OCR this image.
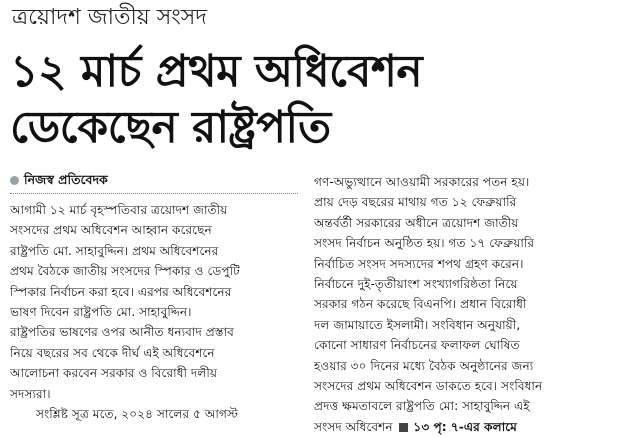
ত্রয়োদশ জাতীয় সংসদ
১২ মার্চ প্রথম অধিবেশন
ডেকেছেন রাষ্ট্রপতি
নিজস্ব প্রতিবেদক
আগামী ১২ মার্চ বৃহস্পতিবার ত্রয়োদশ জাতীয়
সংসদের প্রথম অধিবেশন আহ্বান করেছেন
রাষ্ট্রপতি মো. সাহাবুদ্দিন। প্রথম অধিবেশনের
প্রথম বৈঠকে জাতীয় সংসদের স্পিকার ও ডেপুটি
স্পিকার নির্বাচন করা হবে। এরপর অধিবেশনের
ভাষণ দিবেন রাষ্ট্রপতি মো. সাহাবুদ্দিন।
রাষ্ট্রপতির ভাষণের ওপর আনীত ধন্যবাদ প্রস্তাব
নিয়ে বছরের সব থেকে দীর্ঘ এই অধিবেশনে
আলোচনা করবেন সরকার ও বিরোধী দলীয়
সদস্যরা।
সংশ্লিষ্ট সূত্র মতে, ২০২৪ সালের ৫ আগস্ট
গণ-অভ্যুত্থানে আওয়ামী সরকারের পতন হয়।
প্রায় দেড় বছরের মাথায় গত ১২ ফেব্রুয়ারি
অন্তর্বর্তী সরকারের অধীনে ত্রয়োদশ জাতীয়
সংসদ নির্বাচন অনুষ্ঠিত হয়। গত ১৭ ফেব্রুয়ারি
নির্বাচিত সংসদ সদস্যদের শপথ গ্রহণ করেন।
নির্বাচনে দুই-তৃতীয়াংশ সংখ্যাগরিষ্ঠতা নিয়ে
সরকার গঠন করেছে বিএনপি। প্রধান বিরোধী
দল জামায়াতে ইসলামী। সংবিধান অনুযায়ী,
কোনো সাধারণ নির্বাচনের ফলাফল ঘোষিত
হওয়ার ৩০ দিনের মধ্যে বৈঠক অনুষ্ঠানের জন্য
সংসদের প্রথম অধিবেশন ডাকতে হবে। সংবিধান
প্রদত্ত ক্ষমতাবলে রাষ্ট্রপতি মো: সাহাবুদ্দিন এই
সংসদ অধিবেশন ১৩ পৃ: ৭-এর কলামে
